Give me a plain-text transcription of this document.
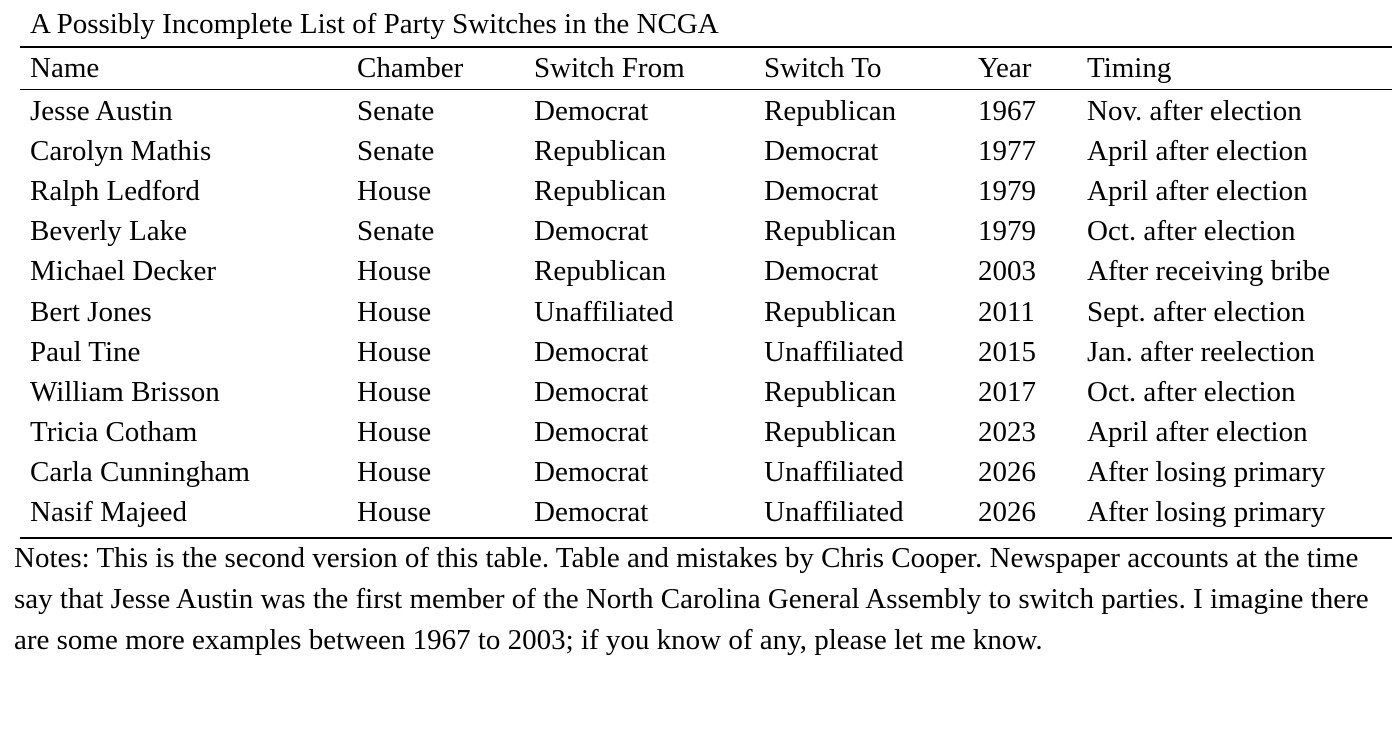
A Possibly Incomplete List of Party Switches in the NCGA
Name	Chamber	Switch From	Switch To	Year	Timing
Jesse Austin	Senate	Democrat	Republican	1967	Nov. after election
Carolyn Mathis	Senate	Republican	Democrat	1977	April after election
Ralph Ledford	House	Republican	Democrat	1979	April after election
Beverly Lake	Senate	Democrat	Republican	1979	Oct. after election
Michael Decker	House	Republican	Democrat	2003	After receiving bribe
Bert Jones	House	Unaffiliated	Republican	2011	Sept. after election
Paul Tine	House	Democrat	Unaffiliated	2015	Jan. after reelection
William Brisson	House	Democrat	Republican	2017	Oct. after election
Tricia Cotham	House	Democrat	Republican	2023	April after election
Carla Cunningham	House	Democrat	Unaffiliated	2026	After losing primary
Nasif Majeed	House	Democrat	Unaffiliated	2026	After losing primary
Notes: This is the second version of this table. Table and mistakes by Chris Cooper. Newspaper accounts at the time say that Jesse Austin was the first member of the North Carolina General Assembly to switch parties. I imagine there are some more examples between 1967 to 2003; if you know of any, please let me know.
